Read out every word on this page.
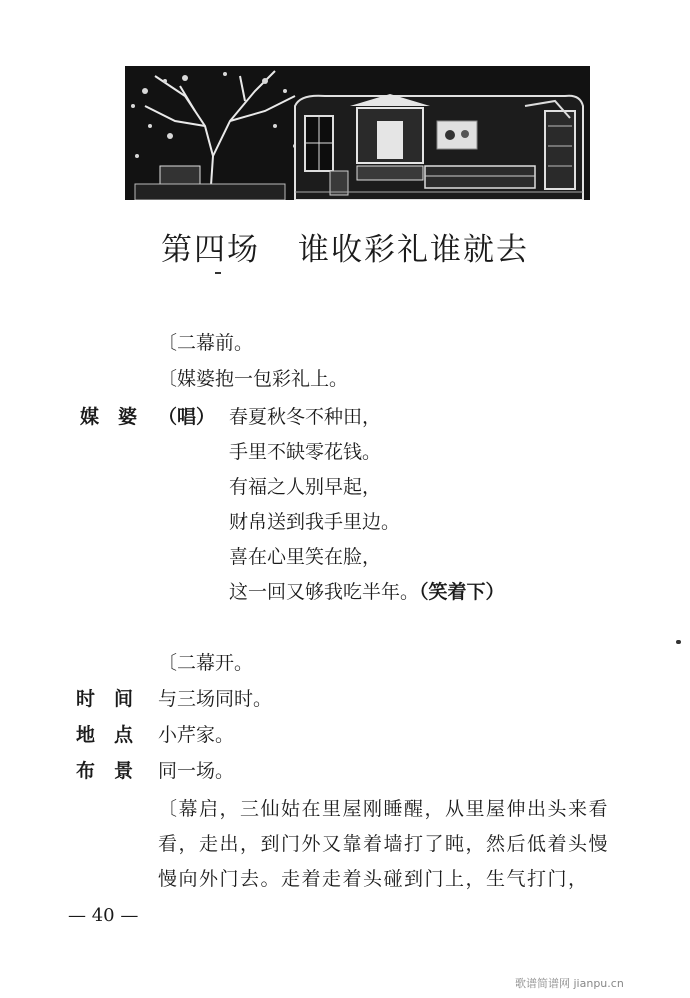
第四场 谁收彩礼谁就去
〔二幕前。
〔媒婆抱一包彩礼上。
媒　婆 （唱） 春夏秋冬不种田，
手里不缺零花钱。
有福之人别早起，
财帛送到我手里边。
喜在心里笑在脸，
这一回又够我吃半年。（笑着下）
〔二幕开。
时　间 与三场同时。
地　点 小芹家。
布　景 同一场。
〔幕启，三仙姑在里屋刚睡醒，从里屋伸出头来看
看，走出，到门外又靠着墙打了盹，然后低着头慢
慢向外门去。走着走着头碰到门上，生气打门，
— 40 —
歌谱简谱网 jianpu.cn
